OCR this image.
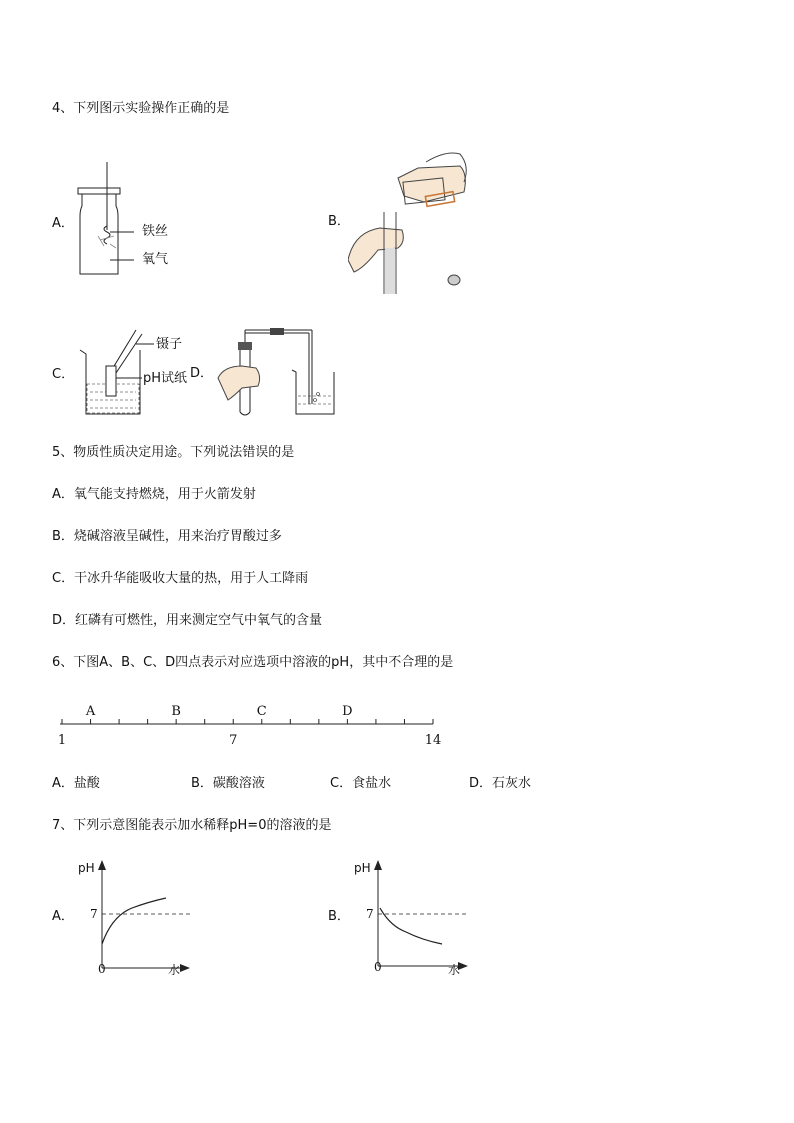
4、下列图示实验操作正确的是
A．
铁丝
氧气
B．
C．
镊子
pH试纸 D．
5、物质性质决定用途。下列说法错误的是
A．氧气能支持燃烧，用于火箭发射
B．烧碱溶液呈碱性，用来治疗胃酸过多
C．干冰升华能吸收大量的热，用于人工降雨
D．红磷有可燃性，用来测定空气中氧气的含量
6、下图A、B、C、D四点表示对应选项中溶液的pH，其中不合理的是
1	7	14
A	B	C	D
A．盐酸	B．碳酸溶液	C．食盐水	D．石灰水
7、下列示意图能表示加水稀释pH=0的溶液的是
A．
pH
7
0	水
B．
pH
7
0	水
